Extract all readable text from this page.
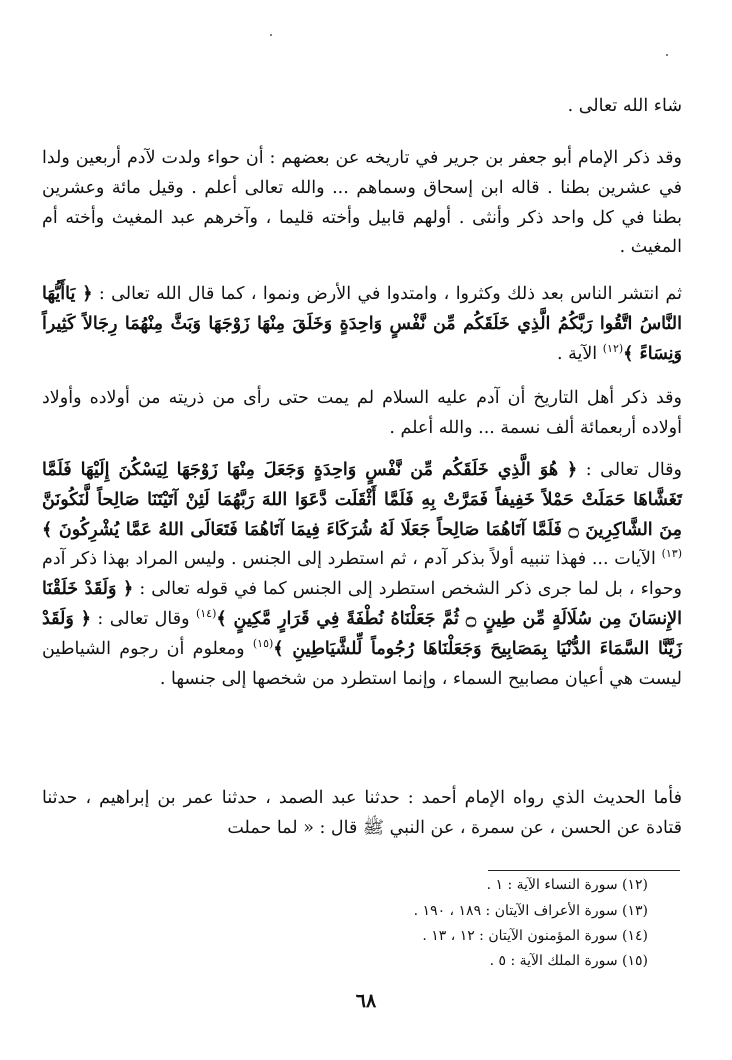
شاء الله تعالى .

وقد ذكر الإمام أبو جعفر بن جرير في تاريخه عن بعضهم : أن حواء ولدت لآدم أربعين ولدا في عشرين بطنا . قاله ابن إسحاق وسماهم ... والله تعالى أعلم . وقيل مائة وعشرين بطنا في كل واحد ذكر وأنثى . أولهم قابيل وأخته قليما ، وآخرهم عبد المغيث وأخته أم المغيث .

ثم انتشر الناس بعد ذلك وكثروا ، وامتدوا في الأرض ونموا ، كما قال الله تعالى : ﴿ يَاأَيُّهَا النَّاسُ اتَّقُوا رَبَّكُمُ الَّذِي خَلَقَكُم مِّن نَّفْسٍ وَاحِدَةٍ وَخَلَقَ مِنْهَا زَوْجَهَا وَبَثَّ مِنْهُمَا رِجَالاً كَثِيراً وَنِسَاءً ﴾$^{(١٢)}$ الآية .

وقد ذكر أهل التاريخ أن آدم عليه السلام لم يمت حتى رأى من ذريته من أولاده وأولاد أولاده أربعمائة ألف نسمة ... والله أعلم .

وقال تعالى : ﴿ هُوَ الَّذِي خَلَقَكُم مِّن نَّفْسٍ وَاحِدَةٍ وَجَعَلَ مِنْهَا زَوْجَهَا لِيَسْكُنَ إِلَيْهَا فَلَمَّا تَغَشَّاهَا حَمَلَتْ حَمْلاً خَفِيفاً فَمَرَّتْ بِهِ فَلَمَّا أَثْقَلَت دَّعَوَا اللهَ رَبَّهُمَا لَئِنْ آتَيْتَنَا صَالِحاً لَّنَكُونَنَّ مِنَ الشَّاكِرِينَ ۝ فَلَمَّا آتَاهُمَا صَالِحاً جَعَلَا لَهُ شُرَكَاءَ فِيمَا آتَاهُمَا فَتَعَالَى اللهُ عَمَّا يُشْرِكُونَ ﴾$^{(١٣)}$ الآيات ... فهذا تنبيه أولاً بذكر آدم ، ثم استطرد إلى الجنس . وليس المراد بهذا ذكر آدم وحواء ، بل لما جرى ذكر الشخص استطرد إلى الجنس كما في قوله تعالى : ﴿ وَلَقَدْ خَلَقْنَا الإِنسَانَ مِن سُلَالَةٍ مِّن طِينٍ ۝ ثُمَّ جَعَلْنَاهُ نُطْفَةً فِي قَرَارٍ مَّكِينٍ ﴾$^{(١٤)}$ وقال تعالى : ﴿ وَلَقَدْ زَيَّنَّا السَّمَاءَ الدُّنْيَا بِمَصَابِيحَ وَجَعَلْنَاهَا رُجُوماً لِّلشَّيَاطِينِ ﴾$^{(١٥)}$ ومعلوم أن رجوم الشياطين ليست هي أعيان مصابيح السماء ، وإنما استطرد من شخصها إلى جنسها .

فأما الحديث الذي رواه الإمام أحمد : حدثنا عبد الصمد ، حدثنا عمر بن إبراهيم ، حدثنا قتادة عن الحسن ، عن سمرة ، عن النبي ﷺ قال : « لما حملت

(١٢) سورة النساء الآية : ١ .

(١٣) سورة الأعراف الآيتان : ١٨٩ ، ١٩٠ .

(١٤) سورة المؤمنون الآيتان : ١٢ ، ١٣ .

(١٥) سورة الملك الآية : ٥ .

٦٨
